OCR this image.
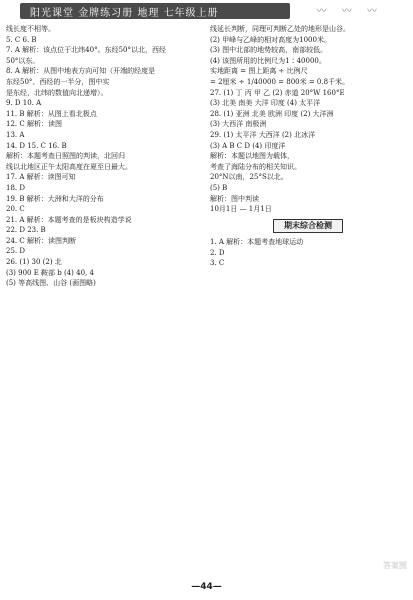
阳光课堂 金牌练习册 地理 七年级上册	〰 〰 〰
线长度不相等。
5. C 6. B
7. A 解析：该点位于北纬40°。东经50°以北，西经
50°以东。
8. A 解析：从图中地表方向可知（开端的经度是
东经50°、西经的一半分，图中实
是东经，北纬的数值向北递增）。
9. D 10. A
11. B 解析：从图上看北极点
12. C 解析：读图
13. A
14. D 15. C 16. B
解析：本题考查日照图的判读，北回归
线以北地区正午太阳高度在夏至日最大。
17. A 解析：读图可知
18. D
19. B 解析：大洲和大洋的分布
20. C
21. A 解析：本题考查的是板块构造学说
22. D 23. B
24. C 解析：读图判断
25. D
26. (1) 30 (2) 北
(3) 900 E 鞍部 b (4) 40, 4
(5) 等高线图、山谷 (画图略)
线延长判断，同理可判断乙处的地形是山谷。
(2) 甲峰与乙峰的相对高度为1000米。
(3) 图中北部的地势较高，南部较低。
(4) 该图所用的比例尺为1∶40000。
实地距离 = 图上距离 ÷ 比例尺
= 2厘米 ÷ 1/40000 = 800米 = 0.8千米。
27. (1) 丁 丙 甲 乙 (2) 赤道 20°W 160°E
(3) 北美 南美 大洋 印度 (4) 太平洋
28. (1) 亚洲 北美 欧洲 印度 (2) 大洋洲
(3) 大西洋 南极洲
29. (1) 太平洋 大西洋 (2) 北冰洋
(3) A B C D (4) 印度洋
解析：本题以地图为载体，
考查了海陆分布的相关知识。
20°N以南，25°S以北。
(5) B
解析：图中判读
10月1日 — 1月1日
期末综合检测
1. A 解析：本题考查地球运动
2. D
3. C
—44—
答案圈
